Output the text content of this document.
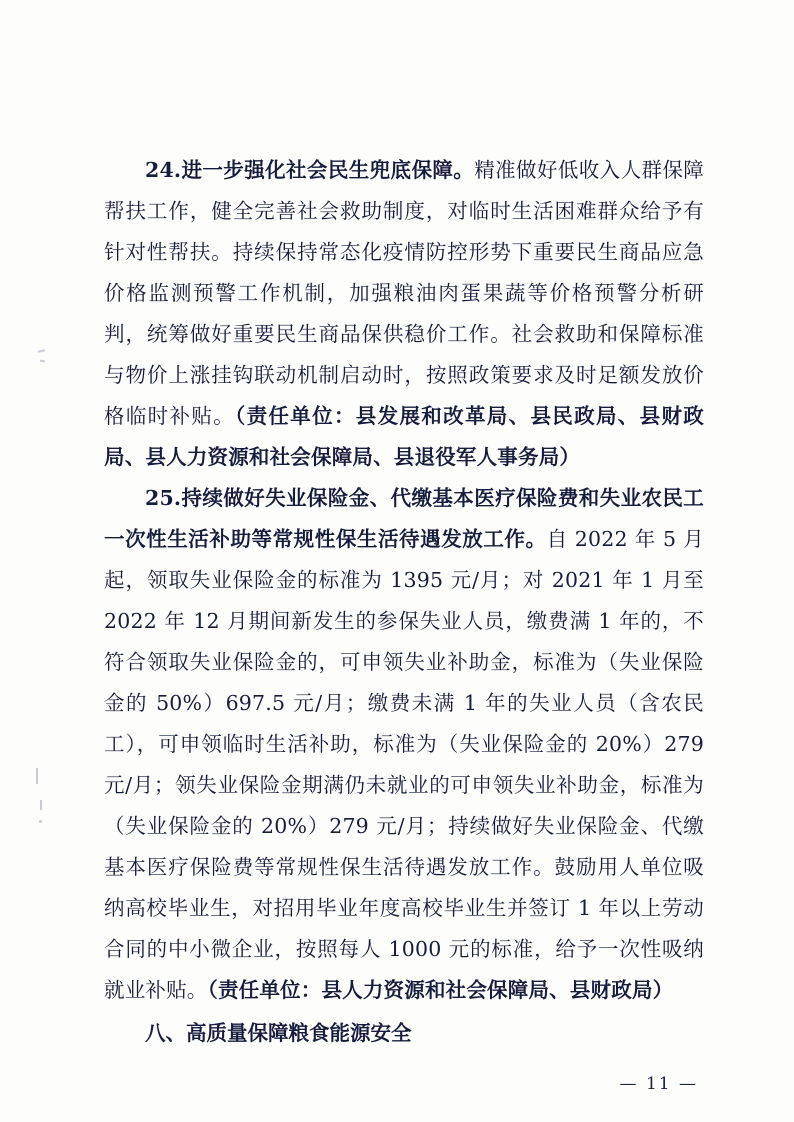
24.进一步强化社会民生兜底保障。精准做好低收入人群保障帮扶工作，健全完善社会救助制度，对临时生活困难群众给予有针对性帮扶。持续保持常态化疫情防控形势下重要民生商品应急价格监测预警工作机制，加强粮油肉蛋果蔬等价格预警分析研判，统筹做好重要民生商品保供稳价工作。社会救助和保障标准与物价上涨挂钩联动机制启动时，按照政策要求及时足额发放价格临时补贴。（责任单位：县发展和改革局、县民政局、县财政局、县人力资源和社会保障局、县退役军人事务局）

25.持续做好失业保险金、代缴基本医疗保险费和失业农民工一次性生活补助等常规性保生活待遇发放工作。自 2022 年 5 月起，领取失业保险金的标准为 1395 元/月；对 2021 年 1 月至 2022 年 12 月期间新发生的参保失业人员，缴费满 1 年的，不符合领取失业保险金的，可申领失业补助金，标准为（失业保险金的 50%）697.5 元/月；缴费未满 1 年的失业人员（含农民工），可申领临时生活补助，标准为（失业保险金的 20%）279 元/月；领失业保险金期满仍未就业的可申领失业补助金，标准为（失业保险金的 20%）279 元/月；持续做好失业保险金、代缴基本医疗保险费等常规性保生活待遇发放工作。鼓励用人单位吸纳高校毕业生，对招用毕业年度高校毕业生并签订 1 年以上劳动合同的中小微企业，按照每人 1000 元的标准，给予一次性吸纳就业补贴。（责任单位：县人力资源和社会保障局、县财政局）

八、高质量保障粮食能源安全

— 11 —
